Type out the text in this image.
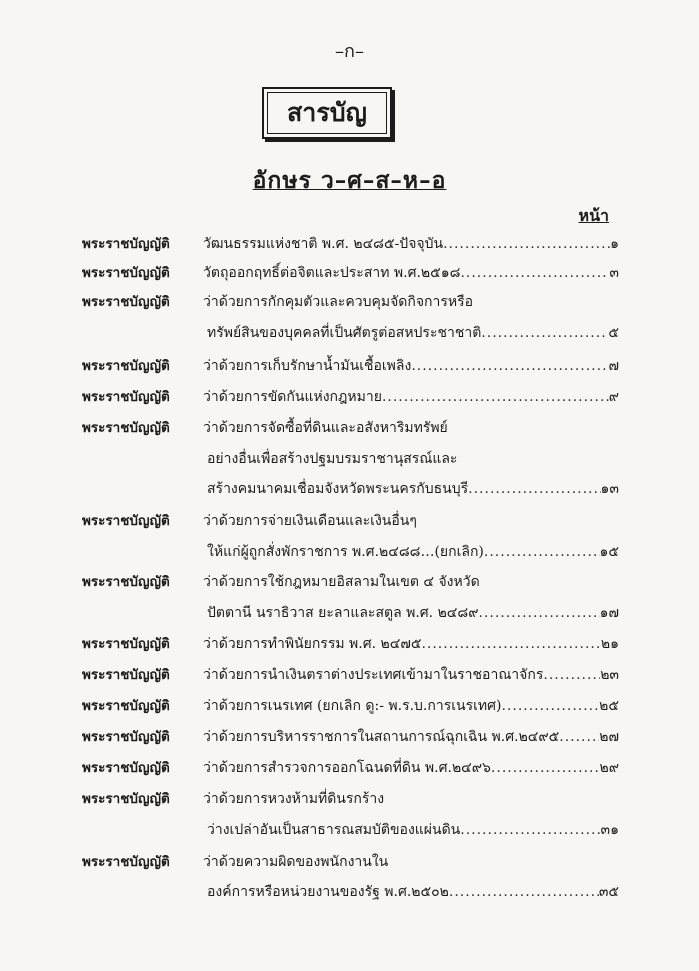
–ก–
สารบัญ
อักษร ว–ศ–ส–ห–อ
หน้า
พระราชบัญญัติ	วัฒนธรรมแห่งชาติ พ.ศ. ๒๔๘๕-ปัจจุบัน .....	๑
พระราชบัญญัติ	วัตถุออกฤทธิ์ต่อจิตและประสาท พ.ศ.๒๕๑๘ .....	๓
พระราชบัญญัติ	ว่าด้วยการกักคุมตัวและควบคุมจัดกิจการหรือ
ทรัพย์สินของบุคคลที่เป็นศัตรูต่อสหประชาชาติ .....	๕
พระราชบัญญัติ	ว่าด้วยการเก็บรักษาน้ำมันเชื้อเพลิง .....	๗
พระราชบัญญัติ	ว่าด้วยการขัดกันแห่งกฎหมาย .....	๙
พระราชบัญญัติ	ว่าด้วยการจัดซื้อที่ดินและอสังหาริมทรัพย์
อย่างอื่นเพื่อสร้างปฐมบรมราชานุสรณ์และ
สร้างคมนาคมเชื่อมจังหวัดพระนครกับธนบุรี .....	๑๓
พระราชบัญญัติ	ว่าด้วยการจ่ายเงินเดือนและเงินอื่นๆ
ให้แก่ผู้ถูกสั่งพักราชการ พ.ศ.๒๔๘๘…(ยกเลิก) .....	๑๕
พระราชบัญญัติ	ว่าด้วยการใช้กฎหมายอิสลามในเขต ๔ จังหวัด
ปัตตานี นราธิวาส ยะลาและสตูล พ.ศ. ๒๔๘๙ .....	๑๗
พระราชบัญญัติ	ว่าด้วยการทำพินัยกรรม พ.ศ. ๒๔๗๕ .....	๒๑
พระราชบัญญัติ	ว่าด้วยการนำเงินตราต่างประเทศเข้ามาในราชอาณาจักร .....	๒๓
พระราชบัญญัติ	ว่าด้วยการเนรเทศ (ยกเลิก ดู:- พ.ร.บ.การเนรเทศ) .....	๒๕
พระราชบัญญัติ	ว่าด้วยการบริหารราชการในสถานการณ์ฉุกเฉิน พ.ศ.๒๔๙๕ .....	๒๗
พระราชบัญญัติ	ว่าด้วยการสำรวจการออกโฉนดที่ดิน พ.ศ.๒๔๙๖ .....	๒๙
พระราชบัญญัติ	ว่าด้วยการหวงห้ามที่ดินรกร้าง
ว่างเปล่าอันเป็นสาธารณสมบัติของแผ่นดิน .....	๓๑
พระราชบัญญัติ	ว่าด้วยความผิดของพนักงานใน
องค์การหรือหน่วยงานของรัฐ พ.ศ.๒๕๐๒ .....	๓๕
